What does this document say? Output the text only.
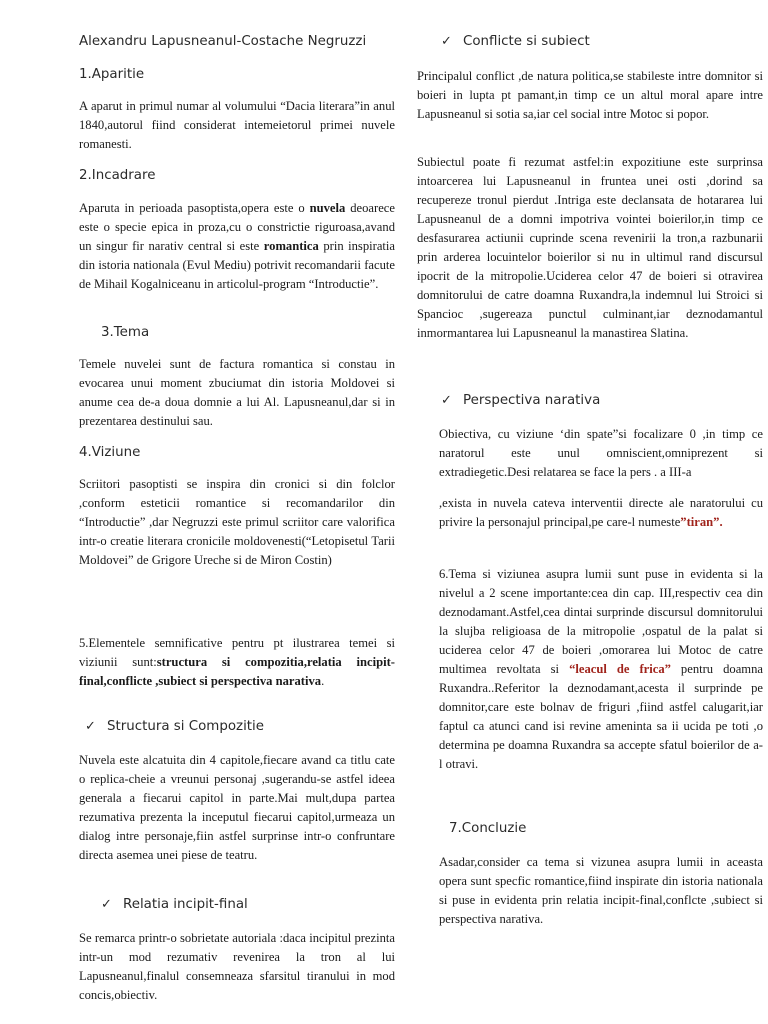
Alexandru Lapusneanul-Costache Negruzzi
1.Aparitie

A aparut in primul numar al volumului “Dacia literara”in anul 1840,autorul fiind considerat intemeietorul primei nuvele romanesti.

2.Incadrare

Aparuta in perioada pasoptista,opera este o nuvela deoarece este o specie epica in proza,cu o constrictie riguroasa,avand un singur fir narativ central si este romantica prin inspiratia din istoria nationala (Evul Mediu) potrivit recomandarii facute de Mihail Kogalniceanu in articolul-program “Introductie”.

3.Tema

Temele nuvelei sunt de factura romantica si constau in evocarea unui moment zbuciumat din istoria Moldovei si anume cea de-a doua domnie a lui Al. Lapusneanul,dar si in prezentarea destinului sau.

4.Viziune

Scriitori pasoptisti se inspira din cronici si din folclor ,conform esteticii romantice si recomandarilor din “Introductie” ,dar Negruzzi este primul scriitor care valorifica intr-o creatie literara cronicile moldovenesti(“Letopisetul Tarii Moldovei” de Grigore Ureche si de Miron Costin)

5.Elementele semnificative pentru pt ilustrarea temei si viziunii sunt:structura si compozitia,relatia incipit-final,conflicte ,subiect si perspectiva narativa.

✓ Structura si Compozitie

Nuvela este alcatuita din 4 capitole,fiecare avand ca titlu cate o replica-cheie a vreunui personaj ,sugerandu-se astfel ideea generala a fiecarui capitol in parte.Mai mult,dupa partea rezumativa prezenta la inceputul fiecarui capitol,urmeaza un dialog intre personaje,fiin astfel surprinse intr-o confruntare directa asemea unei piese de teatru.

✓ Relatia incipit-final

Se remarca printr-o sobrietate autoriala :daca incipitul prezinta intr-un mod rezumativ revenirea la tron al lui Lapusneanul,finalul consemneaza sfarsitul tiranului in mod concis,obiectiv.

✓ Conflicte si subiect

Principalul conflict ,de natura politica,se stabileste intre domnitor si boieri in lupta pt pamant,in timp ce un altul moral apare intre Lapusneanul si sotia sa,iar cel social intre Motoc si popor.

Subiectul poate fi rezumat astfel:in expozitiune este surprinsa intoarcerea lui Lapusneanul in fruntea unei osti ,dorind sa recupereze tronul pierdut .Intriga este declansata de hotararea lui Lapusneanul de a domni impotriva vointei boierilor,in timp ce desfasurarea actiunii cuprinde scena revenirii la tron,a razbunarii prin arderea locuintelor boierilor si nu in ultimul rand discursul ipocrit de la mitropolie.Uciderea celor 47 de boieri si otravirea domnitorului de catre doamna Ruxandra,la indemnul lui Stroici si Spancioc ,sugereaza punctul culminant,iar deznodamantul inmormantarea lui Lapusneanul la manastirea Slatina.

✓ Perspectiva narativa

Obiectiva, cu viziune ‘din spate”si focalizare 0 ,in timp ce naratorul este unul omniscient,omniprezent si extradiegetic.Desi relatarea se face la pers . a III-a

,exista in nuvela cateva interventii directe ale naratorului cu privire la personajul principal,pe care-l numeste”tiran”.

6.Tema si viziunea asupra lumii sunt puse in evidenta si la nivelul a 2 scene importante:cea din cap. III,respectiv cea din deznodamant.Astfel,cea dintai surprinde discursul domnitorului la slujba religioasa de la mitropolie ,ospatul de la palat si uciderea celor 47 de boieri ,omorarea lui Motoc de catre multimea revoltata si “leacul de frica” pentru doamna Ruxandra..Referitor la deznodamant,acesta il surprinde pe domnitor,care este bolnav de friguri ,fiind astfel calugarit,iar faptul ca atunci cand isi revine ameninta sa ii ucida pe toti ,o determina pe doamna Ruxandra sa accepte sfatul boierilor de a-l otravi.

7.Concluzie

Asadar,consider ca tema si vizunea asupra lumii in aceasta opera sunt specfic romantice,fiind inspirate din istoria nationala si puse in evidenta prin relatia incipit-final,conflcte ,subiect si perspectiva narativa.
